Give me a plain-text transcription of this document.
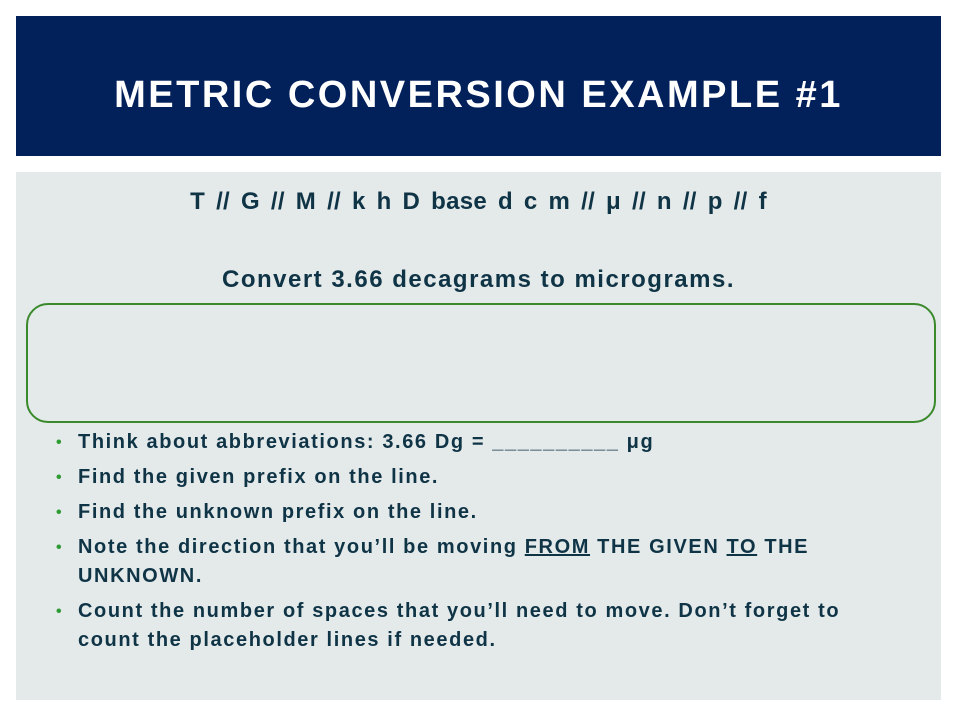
METRIC CONVERSION EXAMPLE #1
T // G // M // k h D base d c m // μ // n // p // f
Convert 3.66 decagrams to micrograms.
• Think about abbreviations: 3.66 Dg = __________ μg
• Find the given prefix on the line.
• Find the unknown prefix on the line.
• Note the direction that you’ll be moving FROM THE GIVEN TO THE UNKNOWN.
• Count the number of spaces that you’ll need to move. Don’t forget to count the placeholder lines if needed.
